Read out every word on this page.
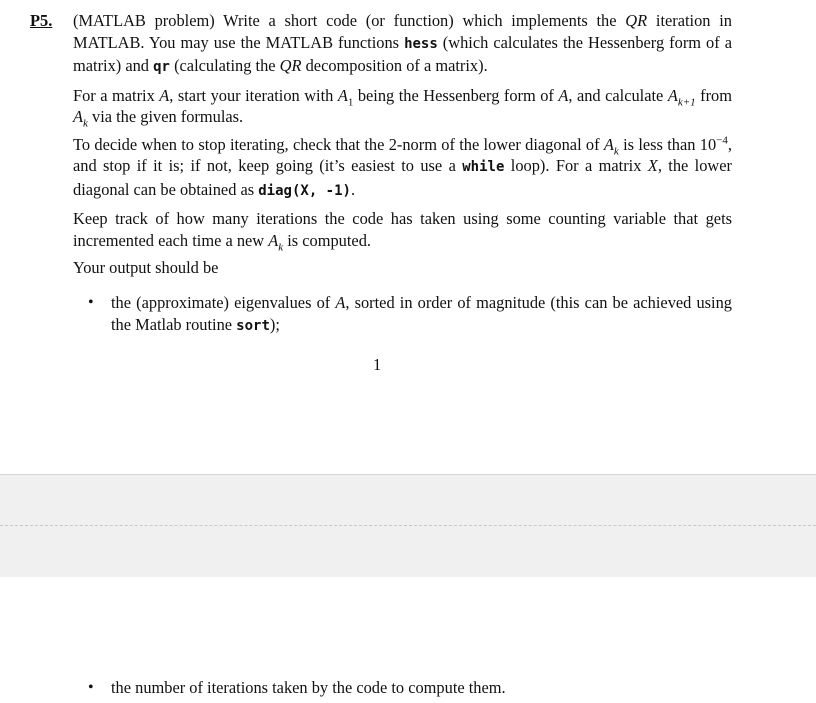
P5. (MATLAB problem) Write a short code (or function) which implements the QR iteration in MATLAB. You may use the MATLAB functions hess (which calculates the Hessenberg form of a matrix) and qr (calculating the QR decomposition of a matrix).
For a matrix A, start your iteration with $A_1$ being the Hessenberg form of A, and calculate $A_{k+1}$ from $A_k$ via the given formulas.
To decide when to stop iterating, check that the 2-norm of the lower diagonal of $A_k$ is less than $10^{-4}$, and stop if it is; if not, keep going (it’s easiest to use a while loop). For a matrix X, the lower diagonal can be obtained as diag(X, -1).
Keep track of how many iterations the code has taken using some counting variable that gets incremented each time a new $A_k$ is computed.
Your output should be
• the (approximate) eigenvalues of A, sorted in order of magnitude (this can be achieved using the Matlab routine sort);
1
• the number of iterations taken by the code to compute them.
